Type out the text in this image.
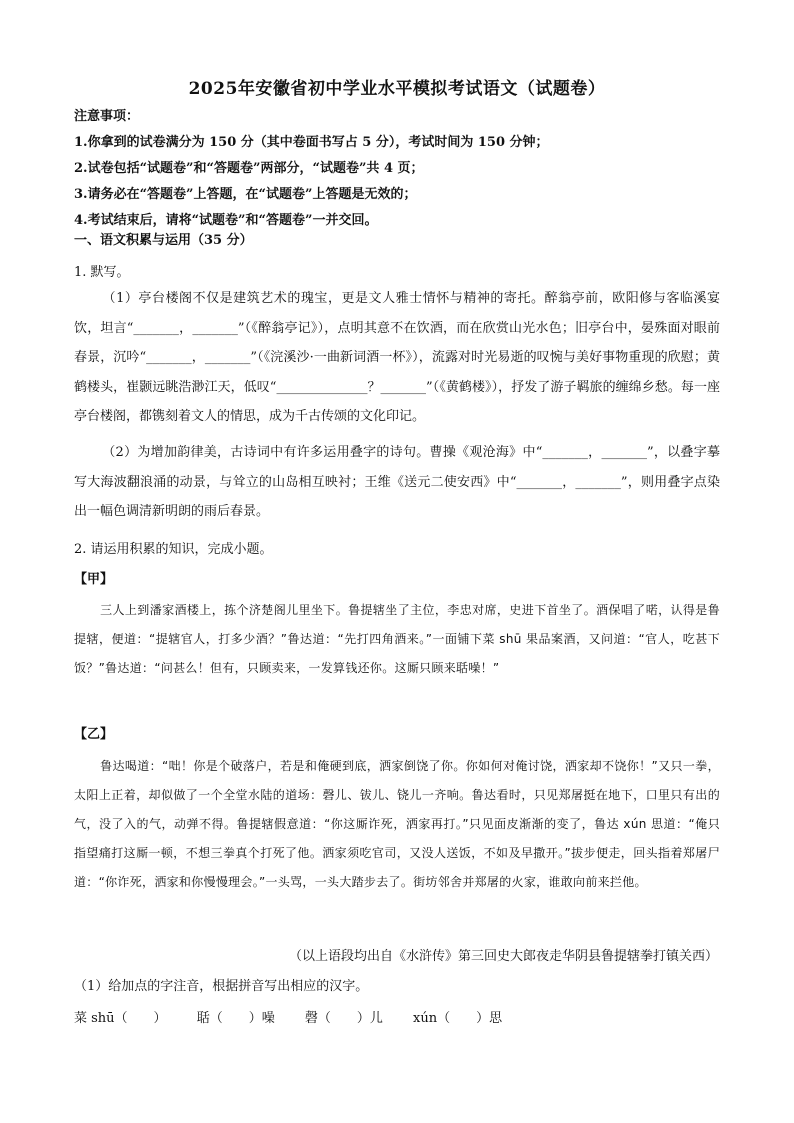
2025年安徽省初中学业水平模拟考试语文（试题卷）
注意事项：
1.你拿到的试卷满分为 150 分（其中卷面书写占 5 分），考试时间为 150 分钟；
2.试卷包括“试题卷”和“答题卷”两部分，“试题卷”共 4 页；
3.请务必在“答题卷”上答题，在“试题卷”上答题是无效的；
4.考试结束后，请将“试题卷”和“答题卷”一并交回。
一、语文积累与运用（35 分）
1. 默写。
（1）亭台楼阁不仅是建筑艺术的瑰宝，更是文人雅士情怀与精神的寄托。醉翁亭前，欧阳修与客临溪宴饮，坦言“_______，_______”（《醉翁亭记》），点明其意不在饮酒，而在欣赏山光水色；旧亭台中，晏殊面对眼前春景，沉吟“_______，_______”（《浣溪沙·一曲新词酒一杯》），流露对时光易逝的叹惋与美好事物重现的欣慰；黄鹤楼头，崔颢远眺浩渺江天，低叹“______________？_______”（《黄鹤楼》），抒发了游子羁旅的缠绵乡愁。每一座亭台楼阁，都镌刻着文人的情思，成为千古传颂的文化印记。
（2）为增加韵律美，古诗词中有许多运用叠字的诗句。曹操《观沧海》中“_______，_______”，以叠字摹写大海波翻浪涌的动景，与耸立的山岛相互映衬；王维《送元二使安西》中“_______，_______”，则用叠字点染出一幅色调清新明朗的雨后春景。
2. 请运用积累的知识，完成小题。
【甲】
三人上到潘家酒楼上，拣个济楚阁儿里坐下。鲁提辖坐了主位，李忠对席，史进下首坐了。酒保唱了喏，认得是鲁提辖，便道：“提辖官人，打多少酒？”鲁达道：“先打四角酒来。”一面铺下菜 shū 果品案酒，又问道：“官人，吃甚下饭？”鲁达道：“问甚么！但有，只顾卖来，一发算钱还你。这厮只顾来聒噪！”
【乙】
鲁达喝道：“咄！你是个破落户，若是和俺硬到底，洒家倒饶了你。你如何对俺讨饶，洒家却不饶你！”又只一拳，太阳上正着，却似做了一个全堂水陆的道场：磬儿、钹儿、铙儿一齐响。鲁达看时，只见郑屠挺在地下，口里只有出的气，没了入的气，动弹不得。鲁提辖假意道：“你这厮诈死，洒家再打。”只见面皮渐渐的变了，鲁达 xún 思道：“俺只指望痛打这厮一顿，不想三拳真个打死了他。洒家须吃官司，又没人送饭，不如及早撒开。”拔步便走，回头指着郑屠尸道：“你诈死，洒家和你慢慢理会。”一头骂，一头大踏步去了。街坊邻舍并郑屠的火家，谁敢向前来拦他。
（以上语段均出自《水浒传》第三回史大郎夜走华阴县鲁提辖拳打镇关西）
（1）给加点的字注音，根据拼音写出相应的汉字。
菜 shū（　　） 聒（　　）噪 磬（　　）儿 xún（　　）思
